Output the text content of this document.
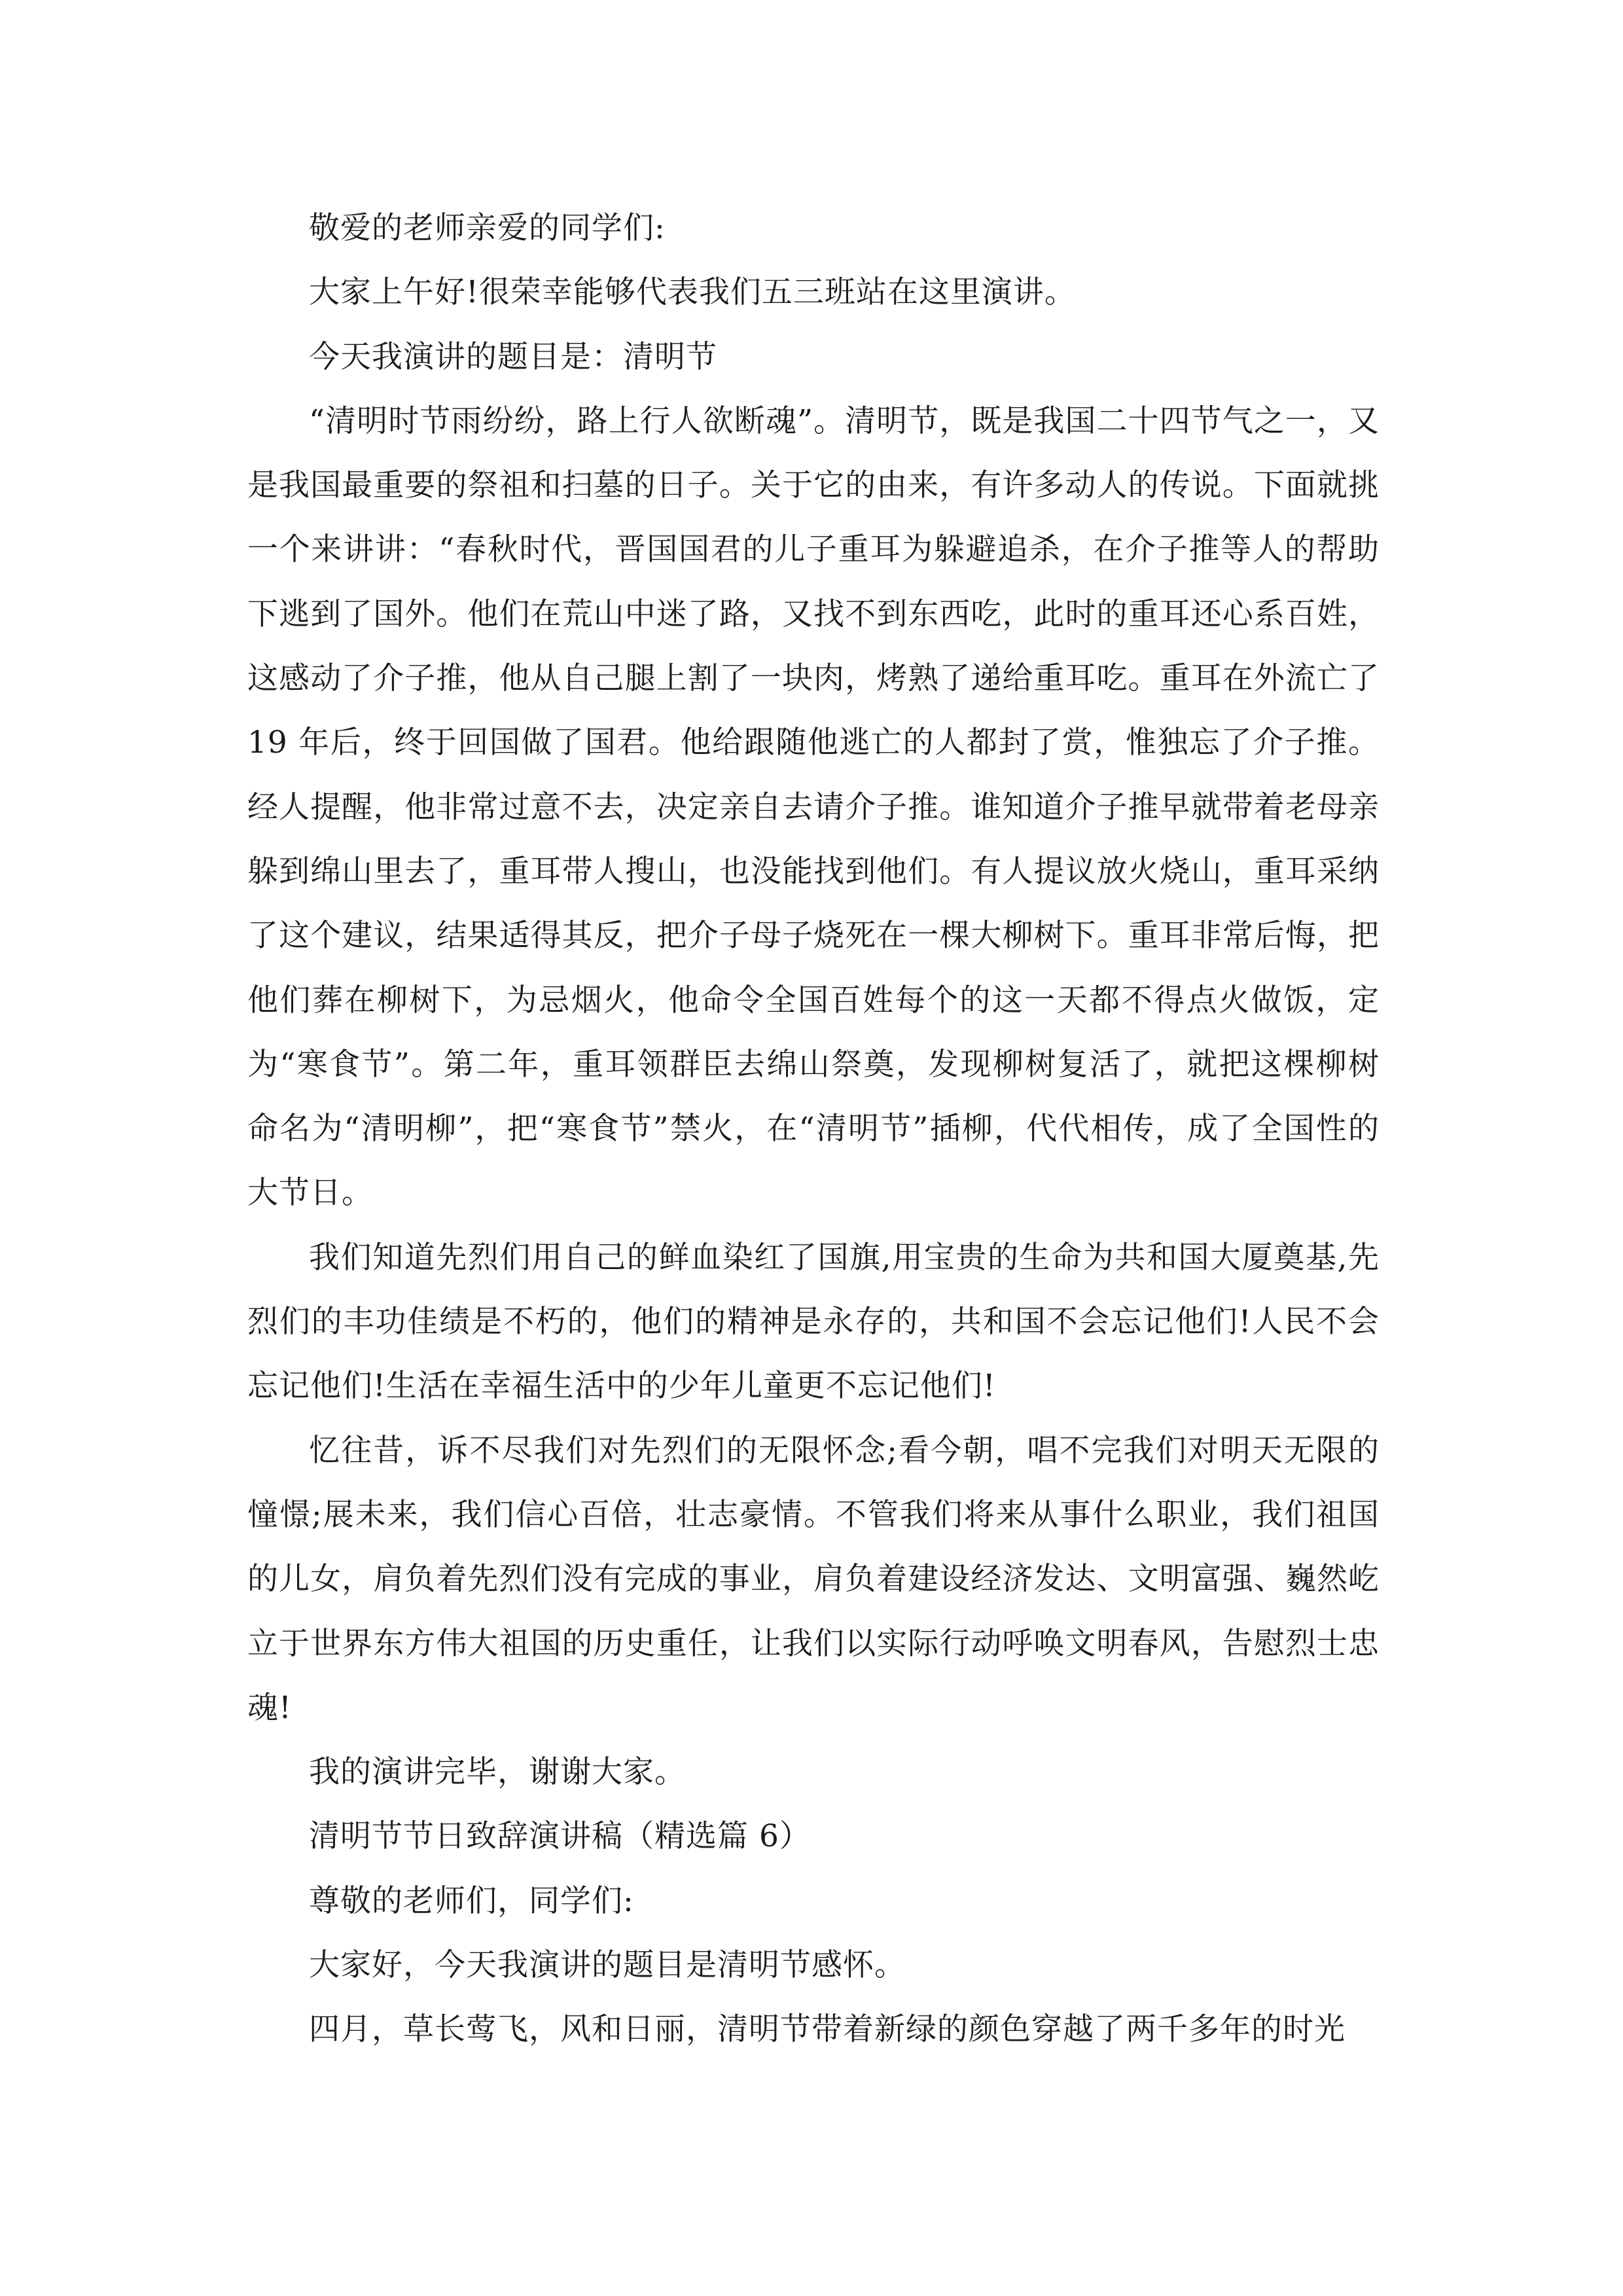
敬爱的老师亲爱的同学们:

大家上午好!很荣幸能够代表我们五三班站在这里演讲。

今天我演讲的题目是：清明节

“清明时节雨纷纷，路上行人欲断魂”。清明节，既是我国二十四节气之一，又是我国最重要的祭祖和扫墓的日子。关于它的由来，有许多动人的传说。下面就挑一个来讲讲：“春秋时代，晋国国君的儿子重耳为躲避追杀，在介子推等人的帮助下逃到了国外。他们在荒山中迷了路，又找不到东西吃，此时的重耳还心系百姓，这感动了介子推，他从自己腿上割了一块肉，烤熟了递给重耳吃。重耳在外流亡了 19 年后，终于回国做了国君。他给跟随他逃亡的人都封了赏，惟独忘了介子推。经人提醒，他非常过意不去，决定亲自去请介子推。谁知道介子推早就带着老母亲躲到绵山里去了，重耳带人搜山，也没能找到他们。有人提议放火烧山，重耳采纳了这个建议，结果适得其反，把介子母子烧死在一棵大柳树下。重耳非常后悔，把他们葬在柳树下，为忌烟火，他命令全国百姓每个的这一天都不得点火做饭，定为“寒食节”。第二年，重耳领群臣去绵山祭奠，发现柳树复活了，就把这棵柳树命名为“清明柳”，把“寒食节”禁火，在“清明节”插柳，代代相传，成了全国性的大节日。

我们知道先烈们用自己的鲜血染红了国旗,用宝贵的生命为共和国大厦奠基,先烈们的丰功佳绩是不朽的，他们的精神是永存的，共和国不会忘记他们!人民不会忘记他们!生活在幸福生活中的少年儿童更不忘记他们!

忆往昔，诉不尽我们对先烈们的无限怀念;看今朝，唱不完我们对明天无限的憧憬;展未来，我们信心百倍，壮志豪情。不管我们将来从事什么职业，我们祖国的儿女，肩负着先烈们没有完成的事业，肩负着建设经济发达、文明富强、巍然屹立于世界东方伟大祖国的历史重任，让我们以实际行动呼唤文明春风，告慰烈士忠魂!

我的演讲完毕，谢谢大家。

清明节节日致辞演讲稿（精选篇 6）

尊敬的老师们，同学们:

大家好，今天我演讲的题目是清明节感怀。

四月，草长莺飞，风和日丽，清明节带着新绿的颜色穿越了两千多年的时光
